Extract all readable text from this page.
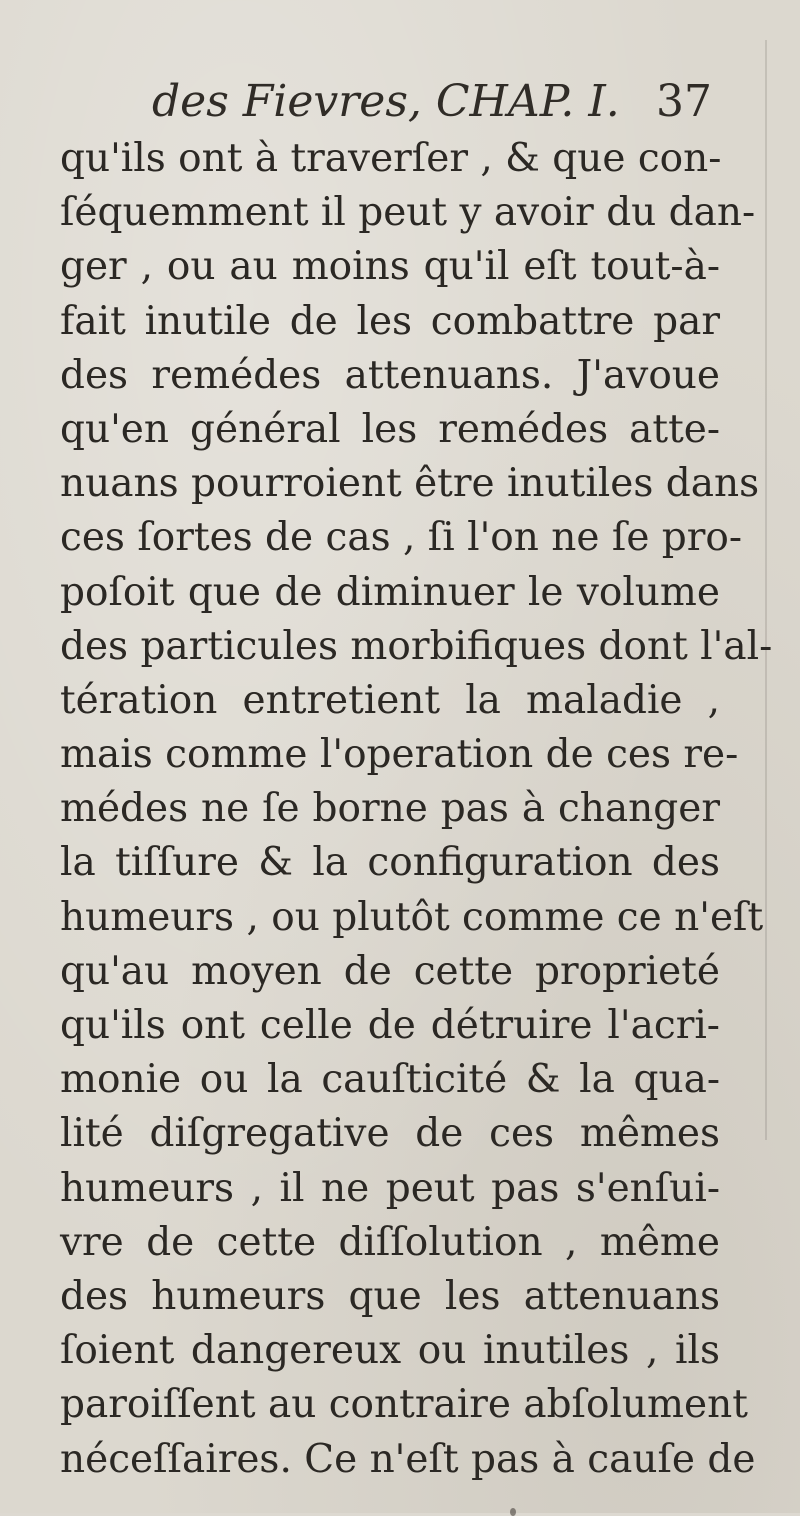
des Fievres, CHAP. I. 37
qu'ils ont à traverſer , & que con-
ſéquemment il peut y avoir du dan-
ger , ou au moins qu'il eſt tout-à-
fait inutile de les combattre par
des remédes attenuans. J'avoue
qu'en général les remédes atte-
nuans pourroient être inutiles dans
ces ſortes de cas , ſi l'on ne ſe pro-
poſoit que de diminuer le volume
des particules morbifiques dont l'al-
tération entretient la maladie ,
mais comme l'operation de ces re-
médes ne ſe borne pas à changer
la tiſſure & la configuration des
humeurs , ou plutôt comme ce n'eſt
qu'au moyen de cette proprieté
qu'ils ont celle de détruire l'acri-
monie ou la cauſticité & la qua-
lité diſgregative de ces mêmes
humeurs , il ne peut pas s'enſui-
vre de cette diſſolution , même
des humeurs que les attenuans
ſoient dangereux ou inutiles , ils
paroiſſent au contraire abſolument
néceſſaires. Ce n'eſt pas à cauſe de
